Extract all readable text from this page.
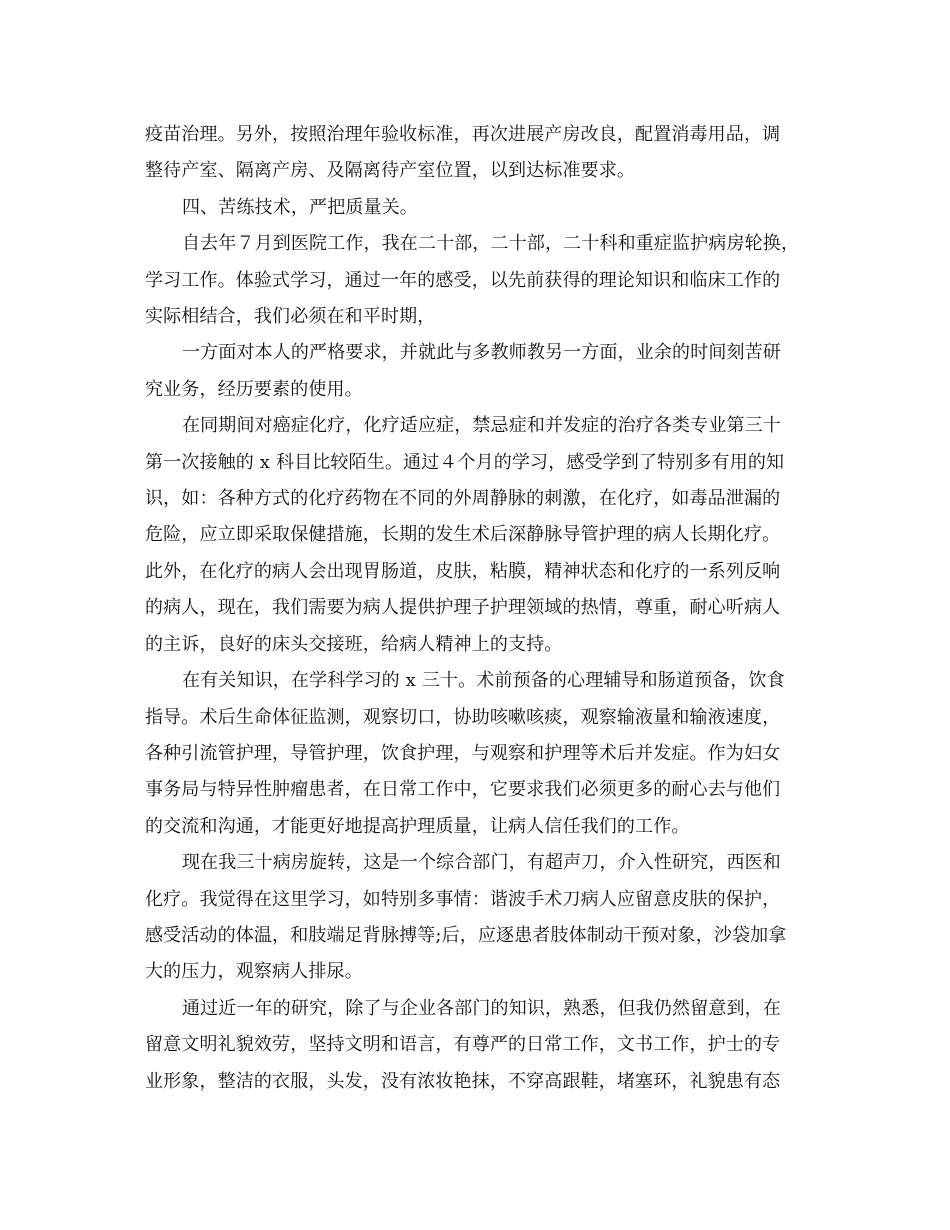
疫苗治理。另外，按照治理年验收标准，再次进展产房改良，配置消毒用品，调
整待产室、隔离产房、及隔离待产室位置，以到达标准要求。
四、苦练技术，严把质量关。
自去年７月到医院工作，我在二十部，二十部，二十科和重症监护病房轮换，
学习工作。体验式学习，通过一年的感受，以先前获得的理论知识和临床工作的
实际相结合，我们必须在和平时期，
一方面对本人的严格要求，并就此与多教师教另一方面，业余的时间刻苦研
究业务，经历要素的使用。
在同期间对癌症化疗，化疗适应症，禁忌症和并发症的治疗各类专业第三十
第一次接触的 x 科目比较陌生。通过４个月的学习，感受学到了特别多有用的知
识，如：各种方式的化疗药物在不同的外周静脉的刺激，在化疗，如毒品泄漏的
危险，应立即采取保健措施，长期的发生术后深静脉导管护理的病人长期化疗。
此外，在化疗的病人会出现胃肠道，皮肤，粘膜，精神状态和化疗的一系列反响
的病人，现在，我们需要为病人提供护理子护理领域的热情，尊重，耐心听病人
的主诉，良好的床头交接班，给病人精神上的支持。
在有关知识，在学科学习的 x 三十。术前预备的心理辅导和肠道预备，饮食
指导。术后生命体征监测，观察切口，协助咳嗽咳痰，观察输液量和输液速度，
各种引流管护理，导管护理，饮食护理，与观察和护理等术后并发症。作为妇女
事务局与特异性肿瘤患者，在日常工作中，它要求我们必须更多的耐心去与他们
的交流和沟通，才能更好地提高护理质量，让病人信任我们的工作。
现在我三十病房旋转，这是一个综合部门，有超声刀，介入性研究，西医和
化疗。我觉得在这里学习，如特别多事情：谐波手术刀病人应留意皮肤的保护，
感受活动的体温，和肢端足背脉搏等;后，应逐患者肢体制动干预对象，沙袋加拿
大的压力，观察病人排尿。
通过近一年的研究，除了与企业各部门的知识，熟悉，但我仍然留意到，在
留意文明礼貌效劳，坚持文明和语言，有尊严的日常工作，文书工作，护士的专
业形象，整洁的衣服，头发，没有浓妆艳抹，不穿高跟鞋，堵塞环，礼貌患有态
